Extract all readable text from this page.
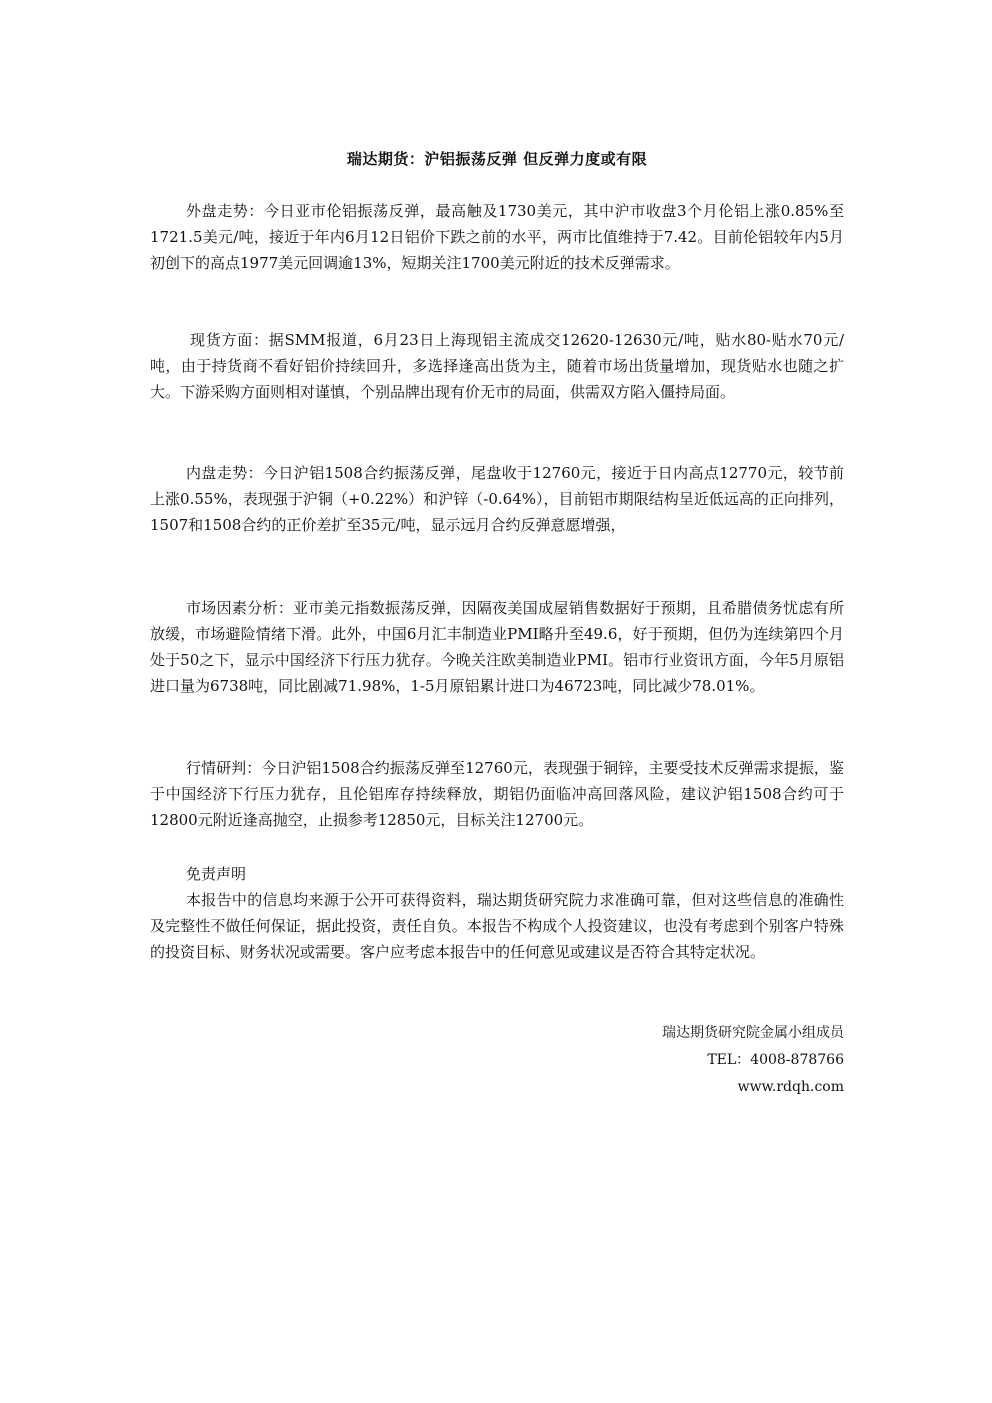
瑞达期货：沪铝振荡反弹 但反弹力度或有限

外盘走势：今日亚市伦铝振荡反弹，最高触及1730美元，其中沪市收盘3个月伦铝上涨0.85%至1721.5美元/吨，接近于年内6月12日铝价下跌之前的水平，两市比值维持于7.42。目前伦铝较年内5月初创下的高点1977美元回调逾13%，短期关注1700美元附近的技术反弹需求。

现货方面：据SMM报道，6月23日上海现铝主流成交12620-12630元/吨，贴水80-贴水70元/吨，由于持货商不看好铝价持续回升，多选择逢高出货为主，随着市场出货量增加，现货贴水也随之扩大。下游采购方面则相对谨慎，个别品牌出现有价无市的局面，供需双方陷入僵持局面。

内盘走势：今日沪铝1508合约振荡反弹，尾盘收于12760元，接近于日内高点12770元，较节前上涨0.55%，表现强于沪铜（+0.22%）和沪锌（-0.64%），目前铝市期限结构呈近低远高的正向排列，1507和1508合约的正价差扩至35元/吨，显示远月合约反弹意愿增强，

市场因素分析：亚市美元指数振荡反弹，因隔夜美国成屋销售数据好于预期，且希腊债务忧虑有所放缓，市场避险情绪下滑。此外，中国6月汇丰制造业PMI略升至49.6，好于预期，但仍为连续第四个月处于50之下，显示中国经济下行压力犹存。今晚关注欧美制造业PMI。铝市行业资讯方面，今年5月原铝进口量为6738吨，同比剧减71.98%，1-5月原铝累计进口为46723吨，同比减少78.01%。

行情研判：今日沪铝1508合约振荡反弹至12760元，表现强于铜锌，主要受技术反弹需求提振，鉴于中国经济下行压力犹存，且伦铝库存持续释放，期铝仍面临冲高回落风险，建议沪铝1508合约可于12800元附近逢高抛空，止损参考12850元，目标关注12700元。

免责声明

本报告中的信息均来源于公开可获得资料，瑞达期货研究院力求准确可靠，但对这些信息的准确性及完整性不做任何保证，据此投资，责任自负。本报告不构成个人投资建议，也没有考虑到个别客户特殊的投资目标、财务状况或需要。客户应考虑本报告中的任何意见或建议是否符合其特定状况。

瑞达期货研究院金属小组成员
TEL：4008-878766
www.rdqh.com
